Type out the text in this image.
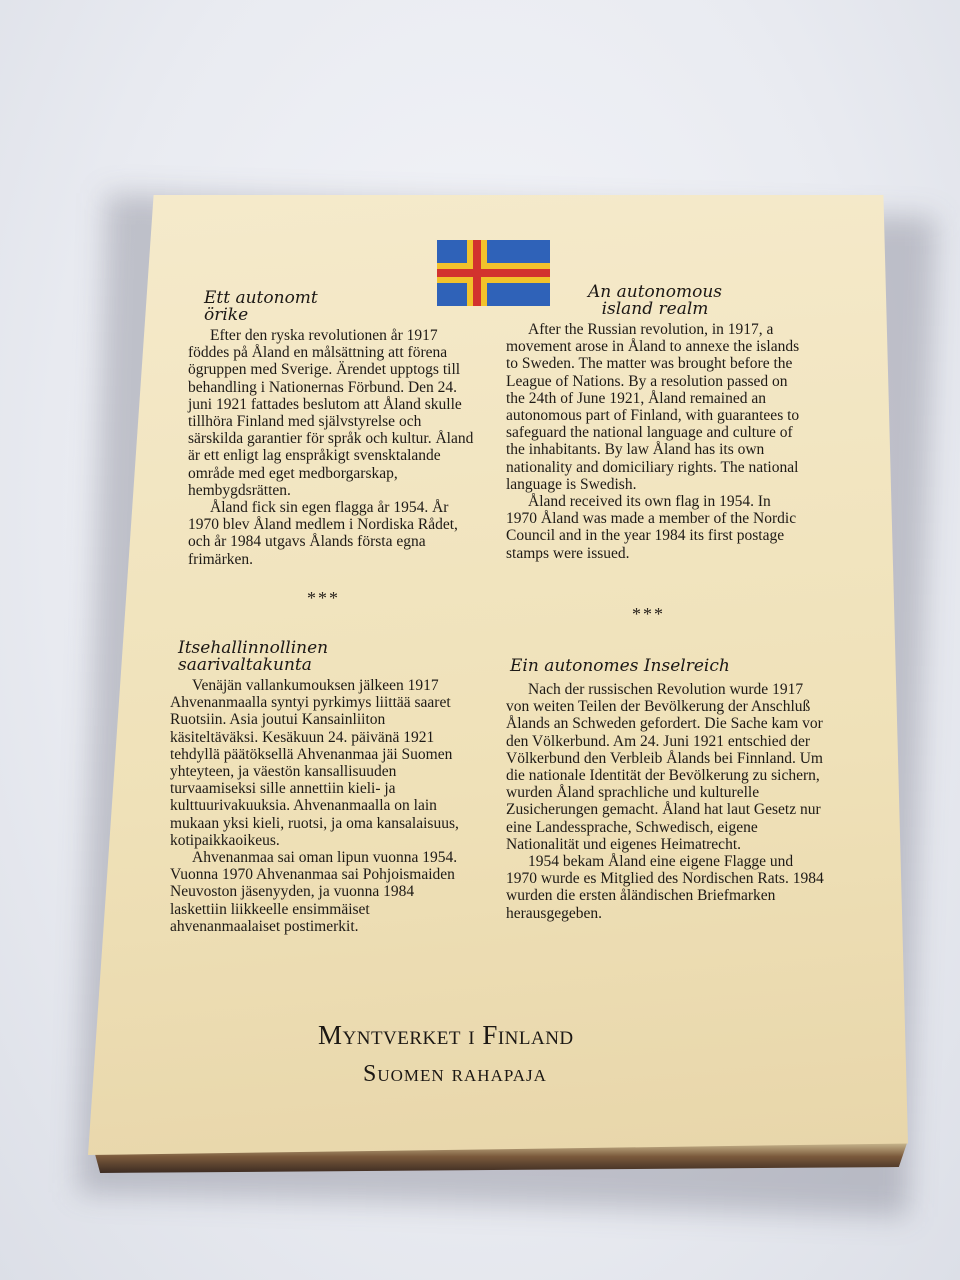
Ett autonomt
örike

Efter den ryska revolutionen år 1917 föddes på Åland en målsättning att förena ögruppen med Sverige. Ärendet upptogs till behandling i Nationernas Förbund. Den 24. juni 1921 fattades beslutom att Åland skulle tillhöra Finland med självstyrelse och särskilda garantier för språk och kultur. Åland är ett enligt lag enspråkigt svensktalande område med eget medborgarskap, hembygdsrätten.

Åland fick sin egen flagga år 1954. År 1970 blev Åland medlem i Nordiska Rådet, och år 1984 utgavs Ålands första egna frimärken.

An autonomous
island realm

After the Russian revolution, in 1917, a movement arose in Åland to annexe the islands to Sweden. The matter was brought before the League of Nations. By a resolution passed on the 24th of June 1921, Åland remained an autonomous part of Finland, with guarantees to safeguard the national language and culture of the inhabitants. By law Åland has its own nationality and domiciliary rights. The national language is Swedish.

Åland received its own flag in 1954. In 1970 Åland was made a member of the Nordic Council and in the year 1984 its first postage stamps were issued.

***
***
Itsehallinnollinen
saarivaltakunta

Venäjän vallankumouksen jälkeen 1917 Ahvenanmaalla syntyi pyrkimys liittää saaret Ruotsiin. Asia joutui Kansainliiton käsiteltäväksi. Kesäkuun 24. päivänä 1921 tehdyllä päätöksellä Ahvenanmaa jäi Suomen yhteyteen, ja väestön kansallisuuden turvaamiseksi sille annettiin kieli- ja kulttuurivakuuksia. Ahvenanmaalla on lain mukaan yksi kieli, ruotsi, ja oma kansalaisuus, kotipaikkaoikeus.

Ahvenanmaa sai oman lipun vuonna 1954. Vuonna 1970 Ahvenanmaa sai Pohjoismaiden Neuvoston jäsenyyden, ja vuonna 1984 laskettiin liikkeelle ensimmäiset ahvenanmaalaiset postimerkit.

Ein autonomes Inselreich

Nach der russischen Revolution wurde 1917 von weiten Teilen der Bevölkerung der Anschluß Ålands an Schweden gefordert. Die Sache kam vor den Völkerbund. Am 24. Juni 1921 entschied der Völkerbund den Verbleib Ålands bei Finnland. Um die nationale Identität der Bevölkerung zu sichern, wurden Åland sprachliche und kulturelle Zusicherungen gemacht. Åland hat laut Gesetz nur eine Landessprache, Schwedisch, eigene Nationalität und eigenes Heimatrecht.

1954 bekam Åland eine eigene Flagge und 1970 wurde es Mitglied des Nordischen Rats. 1984 wurden die ersten åländischen Briefmarken herausgegeben.

Myntverket i Finland
Suomen rahapaja
